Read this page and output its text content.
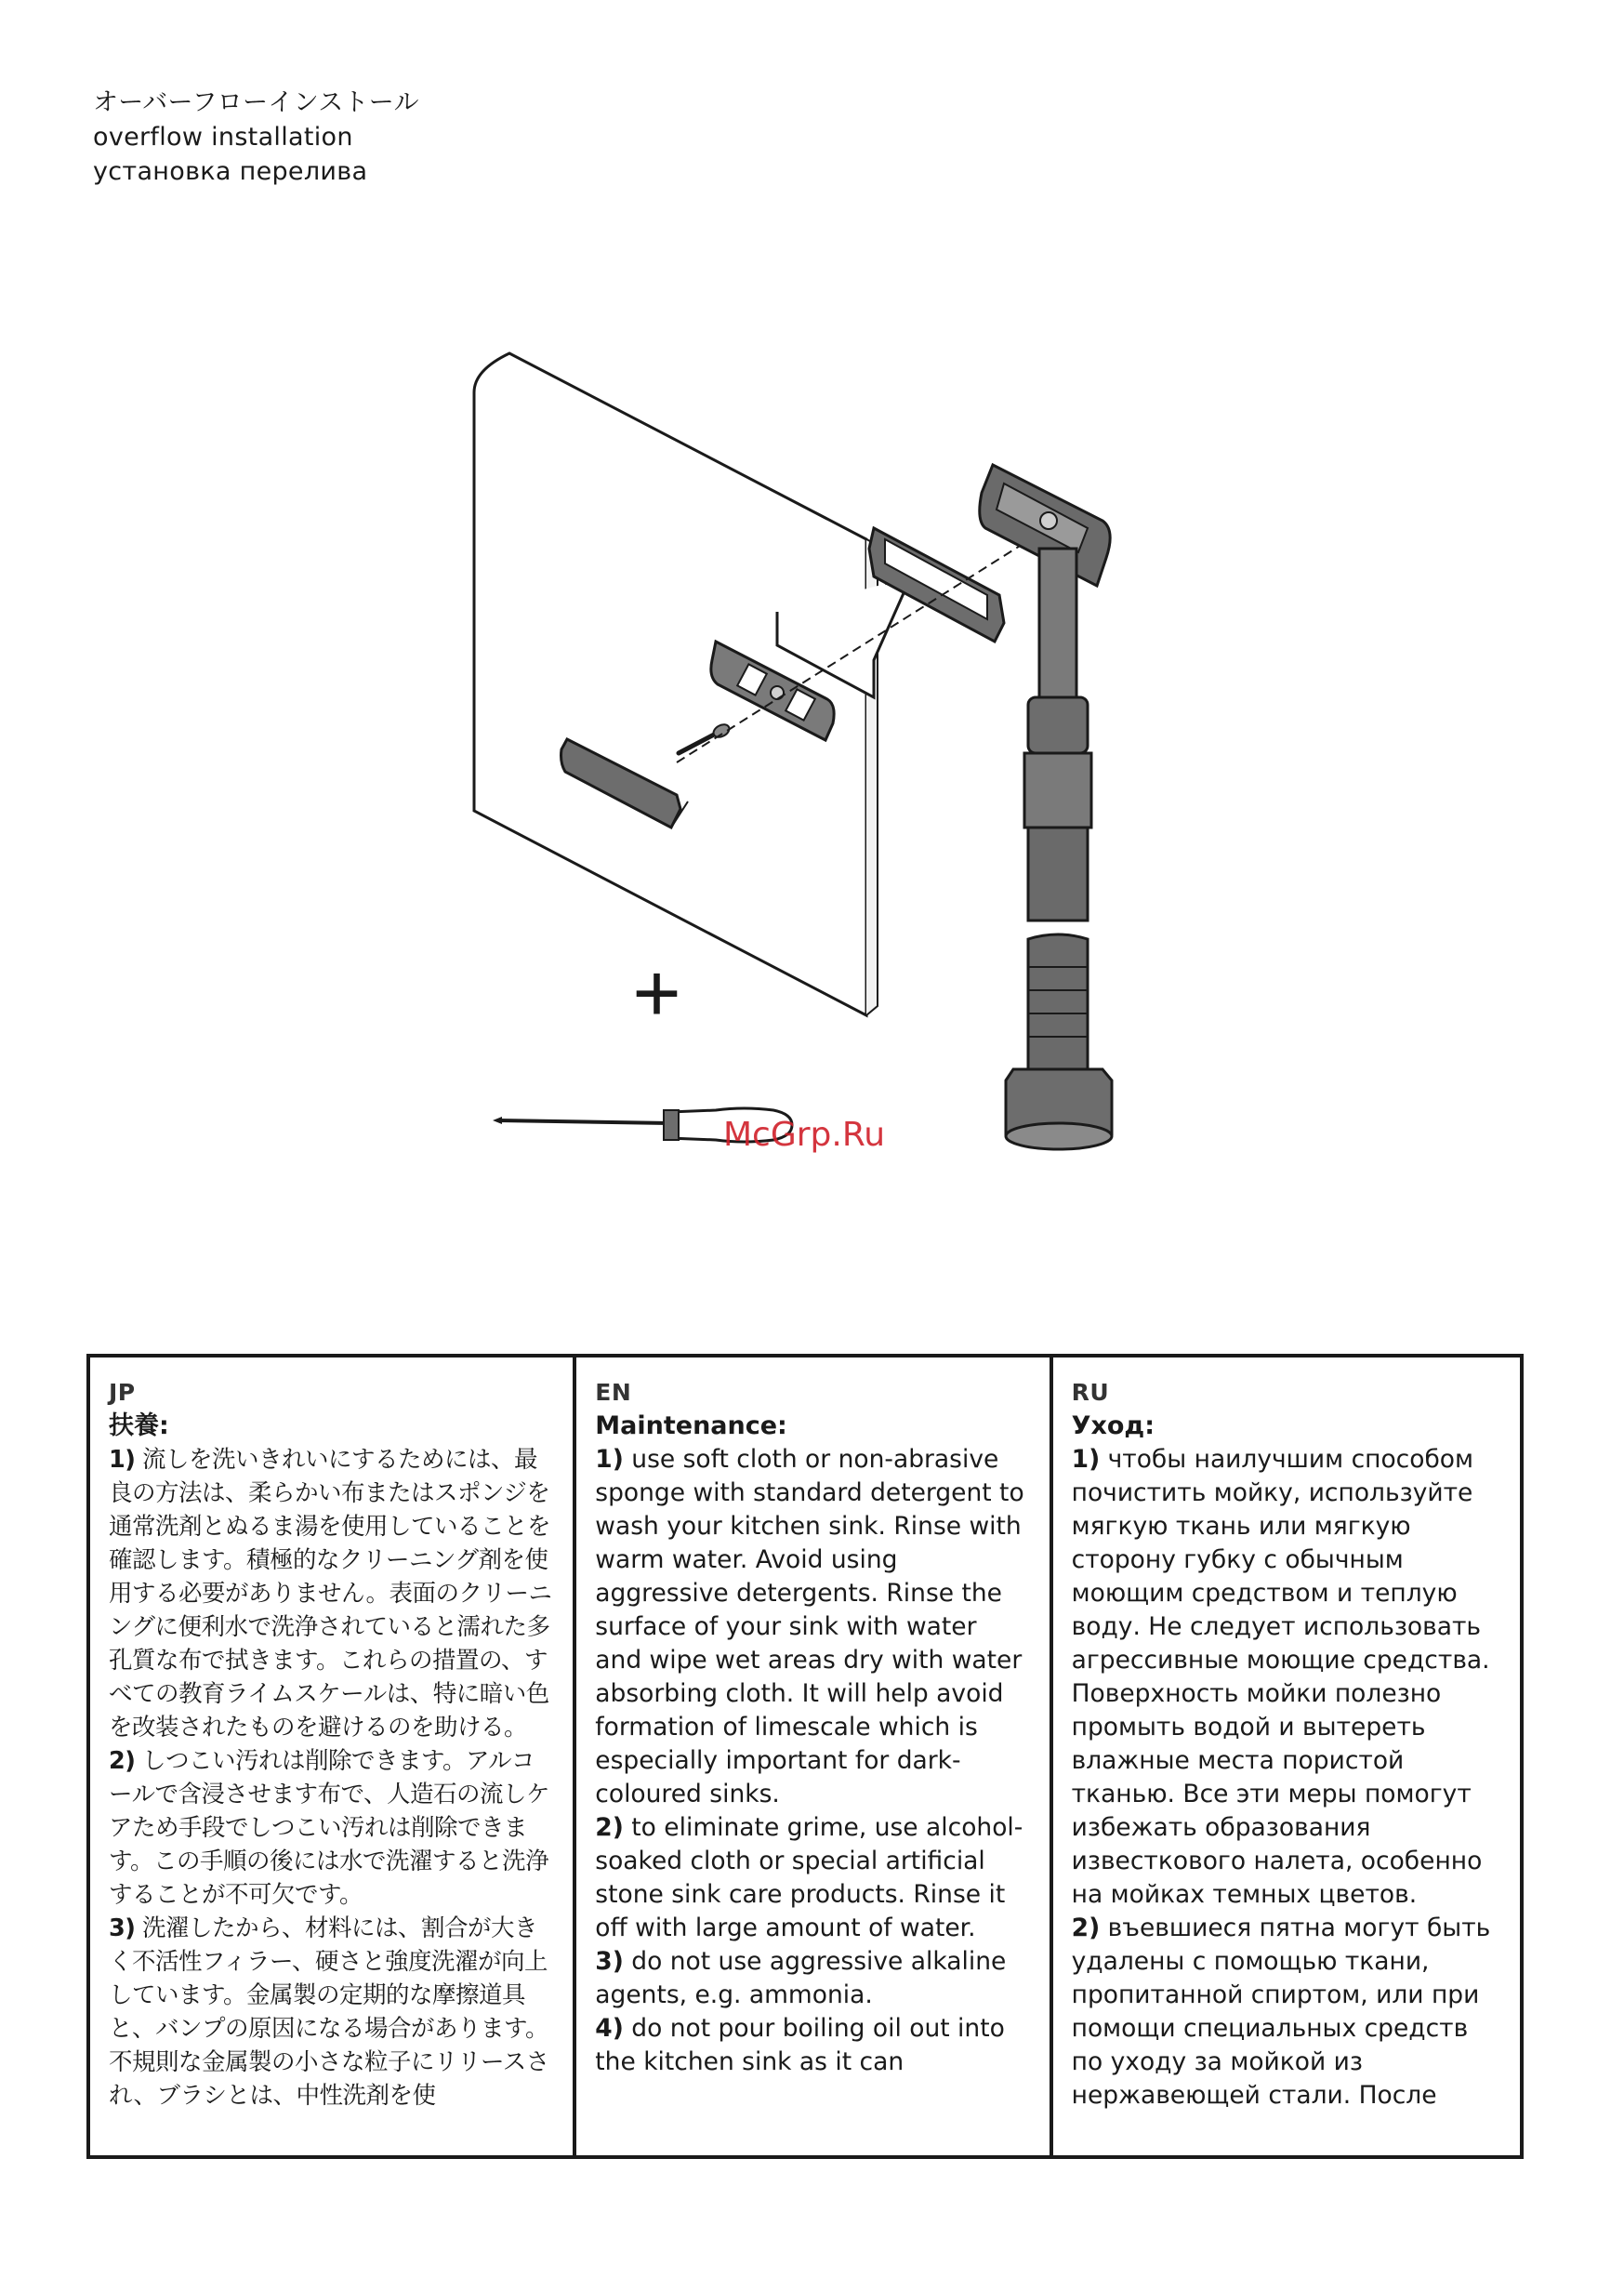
オーバーフローインストール
overflow installation
установка перелива
+
McGrp.Ru
JP
扶養:

1) 流しを洗いきれいにするためには、最良の方法は、柔らかい布またはスポンジを通常洗剤とぬるま湯を使用していることを確認します。積極的なクリーニング剤を使用する必要がありません。表面のクリーニングに便利水で洗浄されていると濡れた多孔質な布で拭きます。これらの措置の、すべての教育ライムスケールは、特に暗い色を改装されたものを避けるのを助ける。

2) しつこい汚れは削除できます。アルコールで含浸させます布で、人造石の流しケアため手段でしつこい汚れは削除できます。この手順の後には水で洗濯すると洗浄することが不可欠です。

3) 洗濯したから、材料には、割合が大きく不活性フィラー、硬さと強度洗濯が向上しています。金属製の定期的な摩擦道具と、バンプの原因になる場合があります。不規則な金属製の小さな粒子にリリースされ、ブラシとは、中性洗剤を使

EN
Maintenance:

1) use soft cloth or non-abrasive sponge with standard detergent to wash your kitchen sink. Rinse with warm water. Avoid using aggressive detergents. Rinse the surface of your sink with water and wipe wet areas dry with water absorbing cloth. It will help avoid formation of limescale which is especially important for dark-coloured sinks.

2) to eliminate grime, use alcohol-soaked cloth or special artificial stone sink care products. Rinse it off with large amount of water.

3) do not use aggressive alkaline agents, e.g. ammonia.

4) do not pour boiling oil out into the kitchen sink as it can

RU
Уход:

1) чтобы наилучшим способом почистить мойку, используйте мягкую ткань или мягкую сторону губку с обычным моющим средством и теплую воду. Не следует использовать агрессивные моющие средства. Поверхность мойки полезно промыть водой и вытереть влажные места пористой тканью. Все эти меры помогут избежать образования известкового налета, особенно на мойках темных цветов.

2) въевшиеся пятна могут быть удалены с помощью ткани, пропитанной спиртом, или при помощи специальных средств по уходу за мойкой из нержавеющей стали. После
